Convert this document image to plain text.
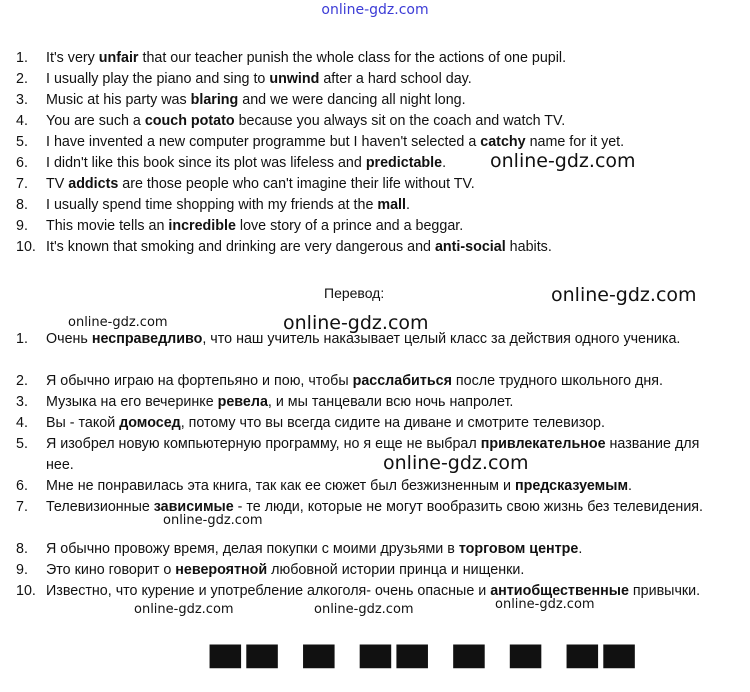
online-gdz.com
1.	It's very unfair that our teacher punish the whole class for the actions of one pupil.
2.	I usually play the piano and sing to unwind after a hard school day.
3.	Music at his party was blaring and we were dancing all night long.
4.	You are such a couch potato because you always sit on the coach and watch TV.
5.	I have invented a new computer programme but I haven't selected a catchy name for it yet.
6.	I didn't like this book since its plot was lifeless and predictable.
7.	TV addicts are those people who can't imagine their life without TV.
8.	I usually spend time shopping with my friends at the mall.
9.	This movie tells an incredible love story of a prince and a beggar.
10. It's known that smoking and drinking are very dangerous and anti-social habits.
Перевод:
1.	Очень несправедливо, что наш учитель наказывает целый класс за действия одного ученика.
2.	Я обычно играю на фортепьяно и пою, чтобы расслабиться после трудного школьного дня.
3.	Музыка на его вечеринке ревела, и мы танцевали всю ночь напролет.
4.	Вы - такой домосед, потому что вы всегда сидите на диване и смотрите телевизор.
5.	Я изобрел новую компьютерную программу, но я еще не выбрал привлекательное название для нее.
6.	Мне не понравилась эта книга, так как ее сюжет был безжизненным и предсказуемым.
7.	Телевизионные зависимые - те люди, которые не могут вообразить свою жизнь без телевидения.
8.	Я обычно провожу время, делая покупки с моими друзьями в торговом центре.
9.	Это кино говорит о невероятной любовной истории принца и нищенки.
10. Известно, что курение и употребление алкоголя- очень опасные и антиобщественные привычки.
online-gdz.com
online-gdz.com
online-gdz.com
online-gdz.com
online-gdz.com
online-gdz.com
online-gdz.com	online-gdz.com	online-gdz.com
▀▀ ▀ ▀▀ ▀ ▀ ▀▀
